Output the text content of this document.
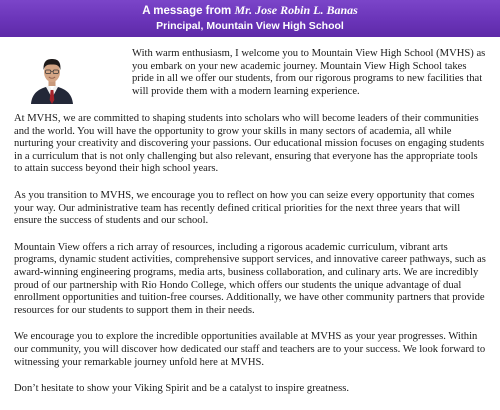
A message from Mr. Jose Robin L. Banas
Principal, Mountain View High School

With warm enthusiasm, I welcome you to Mountain View High School (MVHS) as you embark on your new academic journey. Mountain View High School takes pride in all we offer our students, from our rigorous programs to new facilities that will provide them with a modern learning experience.

At MVHS, we are committed to shaping students into scholars who will become leaders of their communities and the world. You will have the opportunity to grow your skills in many sectors of academia, all while nurturing your creativity and discovering your passions. Our educational mission focuses on engaging students in a curriculum that is not only challenging but also relevant, ensuring that everyone has the appropriate tools to attain success beyond their high school years.

As you transition to MVHS, we encourage you to reflect on how you can seize every opportunity that comes your way. Our administrative team has recently defined critical priorities for the next three years that will ensure the success of students and our school.

Mountain View offers a rich array of resources, including a rigorous academic curriculum, vibrant arts programs, dynamic student activities, comprehensive support services, and innovative career pathways, such as award-winning engineering programs, media arts, business collaboration, and culinary arts. We are incredibly proud of our partnership with Rio Hondo College, which offers our students the unique advantage of dual enrollment opportunities and tuition-free courses. Additionally, we have other community partners that provide resources for our students to support them in their needs.

We encourage you to explore the incredible opportunities available at MVHS as your year progresses. Within our community, you will discover how dedicated our staff and teachers are to your success. We look forward to witnessing your remarkable journey unfold here at MVHS.

Don’t hesitate to show your Viking Spirit and be a catalyst to inspire greatness.
